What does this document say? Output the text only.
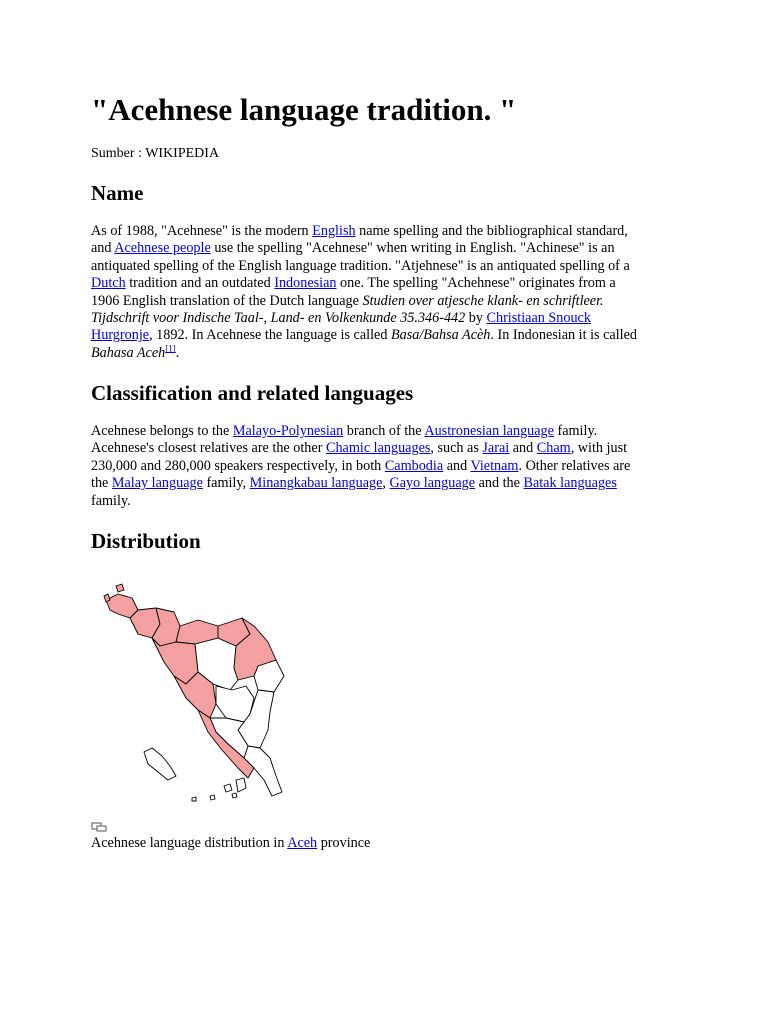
"Acehnese language tradition. "
Sumber : WIKIPEDIA
Name
As of 1988, "Acehnese" is the modern English name spelling and the bibliographical standard,
and Acehnese people use the spelling "Acehnese" when writing in English. "Achinese" is an
antiquated spelling of the English language tradition. "Atjehnese" is an antiquated spelling of a
Dutch tradition and an outdated Indonesian one. The spelling "Achehnese" originates from a
1906 English translation of the Dutch language Studien over atjesche klank- en schriftleer.
Tijdschrift voor Indische Taal-, Land- en Volkenkunde 35.346-442 by Christiaan Snouck
Hurgronje, 1892. In Acehnese the language is called Basa/Bahsa Acèh. In Indonesian it is called
Bahasa Aceh[1].
Classification and related languages
Acehnese belongs to the Malayo-Polynesian branch of the Austronesian language family.
Acehnese's closest relatives are the other Chamic languages, such as Jarai and Cham, with just
230,000 and 280,000 speakers respectively, in both Cambodia and Vietnam. Other relatives are
the Malay language family, Minangkabau language, Gayo language and the Batak languages
family.
Distribution
Acehnese language distribution in Aceh province
